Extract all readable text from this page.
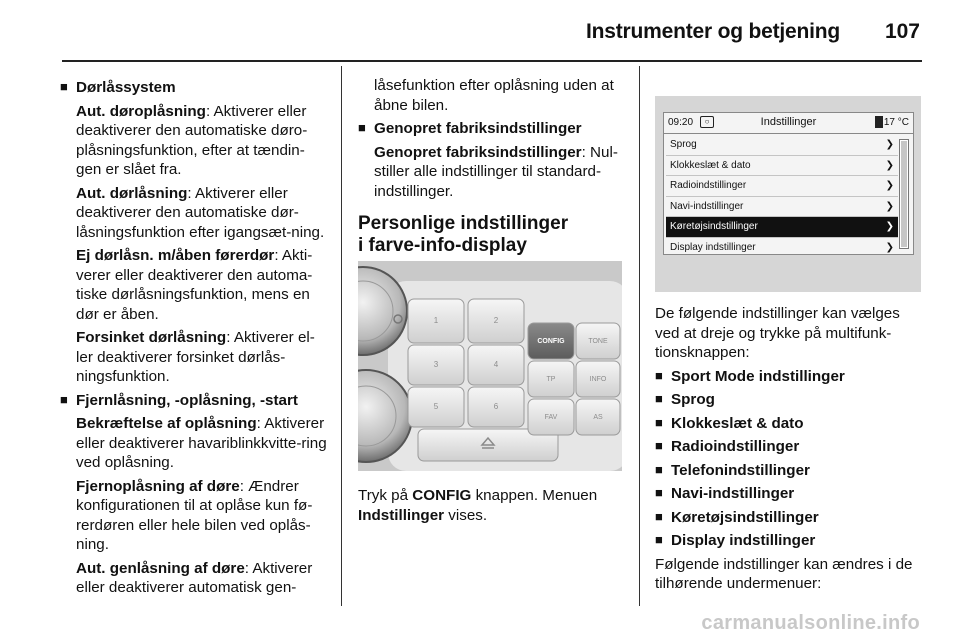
Instrumenter og betjening 107
■ Dørlåssystem
Aut. døroplåsning: Aktiverer eller deaktiverer den automatiske døro-plåsningsfunktion, efter at tændin-gen er slået fra.
Aut. dørlåsning: Aktiverer eller deaktiverer den automatiske dør-låsningsfunktion efter igangsæt-ning.
Ej dørlåsn. m/åben førerdør: Akti-verer eller deaktiverer den automa-tiske dørlåsningsfunktion, mens en dør er åben.
Forsinket dørlåsning: Aktiverer el-ler deaktiverer forsinket dørlås-ningsfunktion.
■ Fjernlåsning, -oplåsning, -start
Bekræftelse af oplåsning: Aktiverer eller deaktiverer havariblinkkvitte-ring ved oplåsning.
Fjernoplåsning af døre: Ændrer konfigurationen til at oplåse kun fø-rerdøren eller hele bilen ved oplås-ning.
Aut. genlåsning af døre: Aktiverer eller deaktiverer automatisk gen-
låsefunktion efter oplåsning uden at åbne bilen.
■ Genopret fabriksindstillinger
Genopret fabriksindstillinger: Nul-stiller alle indstillinger til standard-indstillinger.
Personlige indstillinger
i farve-info-display
1	2
3	4
5	6
CONFIG	TONE
TP	INFO
FAV	AS
Tryk på CONFIG knappen. Menuen Indstillinger vises.
09:20	○	Indstillinger	17 °C
Sprog	❯
Klokkeslæt & dato	❯
Radioindstillinger	❯
Navi-indstillinger	❯
Køretøjsindstillinger	❯
Display indstillinger	❯

De følgende indstillinger kan vælges ved at dreje og trykke på multifunk-tionsknappen:

■ Sport Mode indstillinger
■ Sprog
■ Klokkeslæt & dato
■ Radioindstillinger
■ Telefonindstillinger
■ Navi-indstillinger
■ Køretøjsindstillinger
■ Display indstillinger

Følgende indstillinger kan ændres i de tilhørende undermenuer:

carmanualsonline.info
